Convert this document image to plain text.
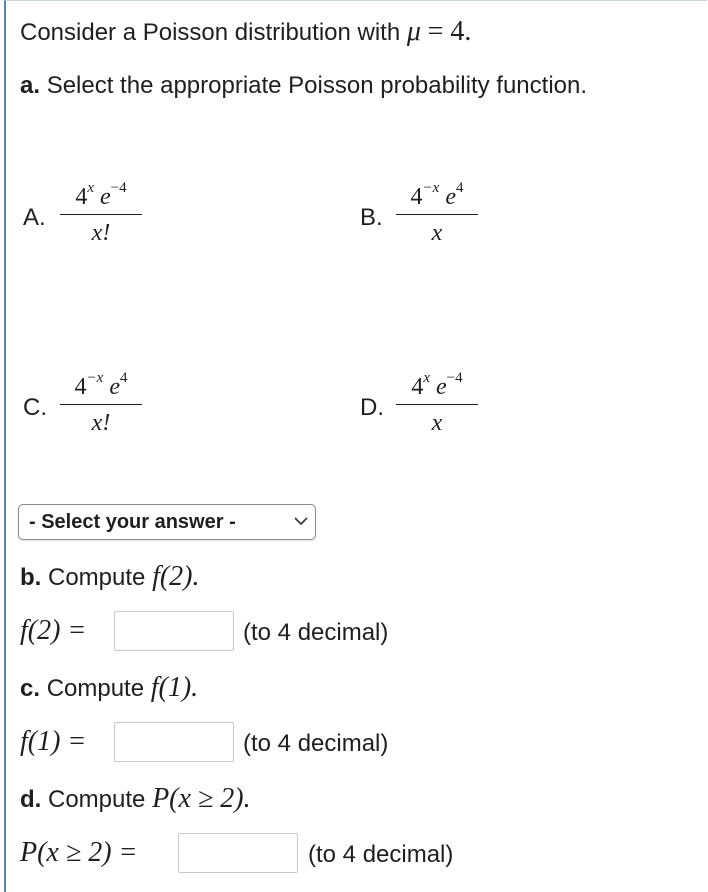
Consider a Poisson distribution with μ = 4.
a. Select the appropriate Poisson probability function.
A.
4$^x$ $e^{-4}$
x!
B.
$4^{-x}$ $e^4$
x
C.
$4^{-x}$ $e^4$
x!
D.
4$^x$ $e^{-4}$
x
- Select your answer -
b. Compute f(2).
f(2) =	(to 4 decimal)
c. Compute f(1).
f(1) =	(to 4 decimal)
d. Compute P(x ≥ 2).
P(x ≥ 2) =	(to 4 decimal)
